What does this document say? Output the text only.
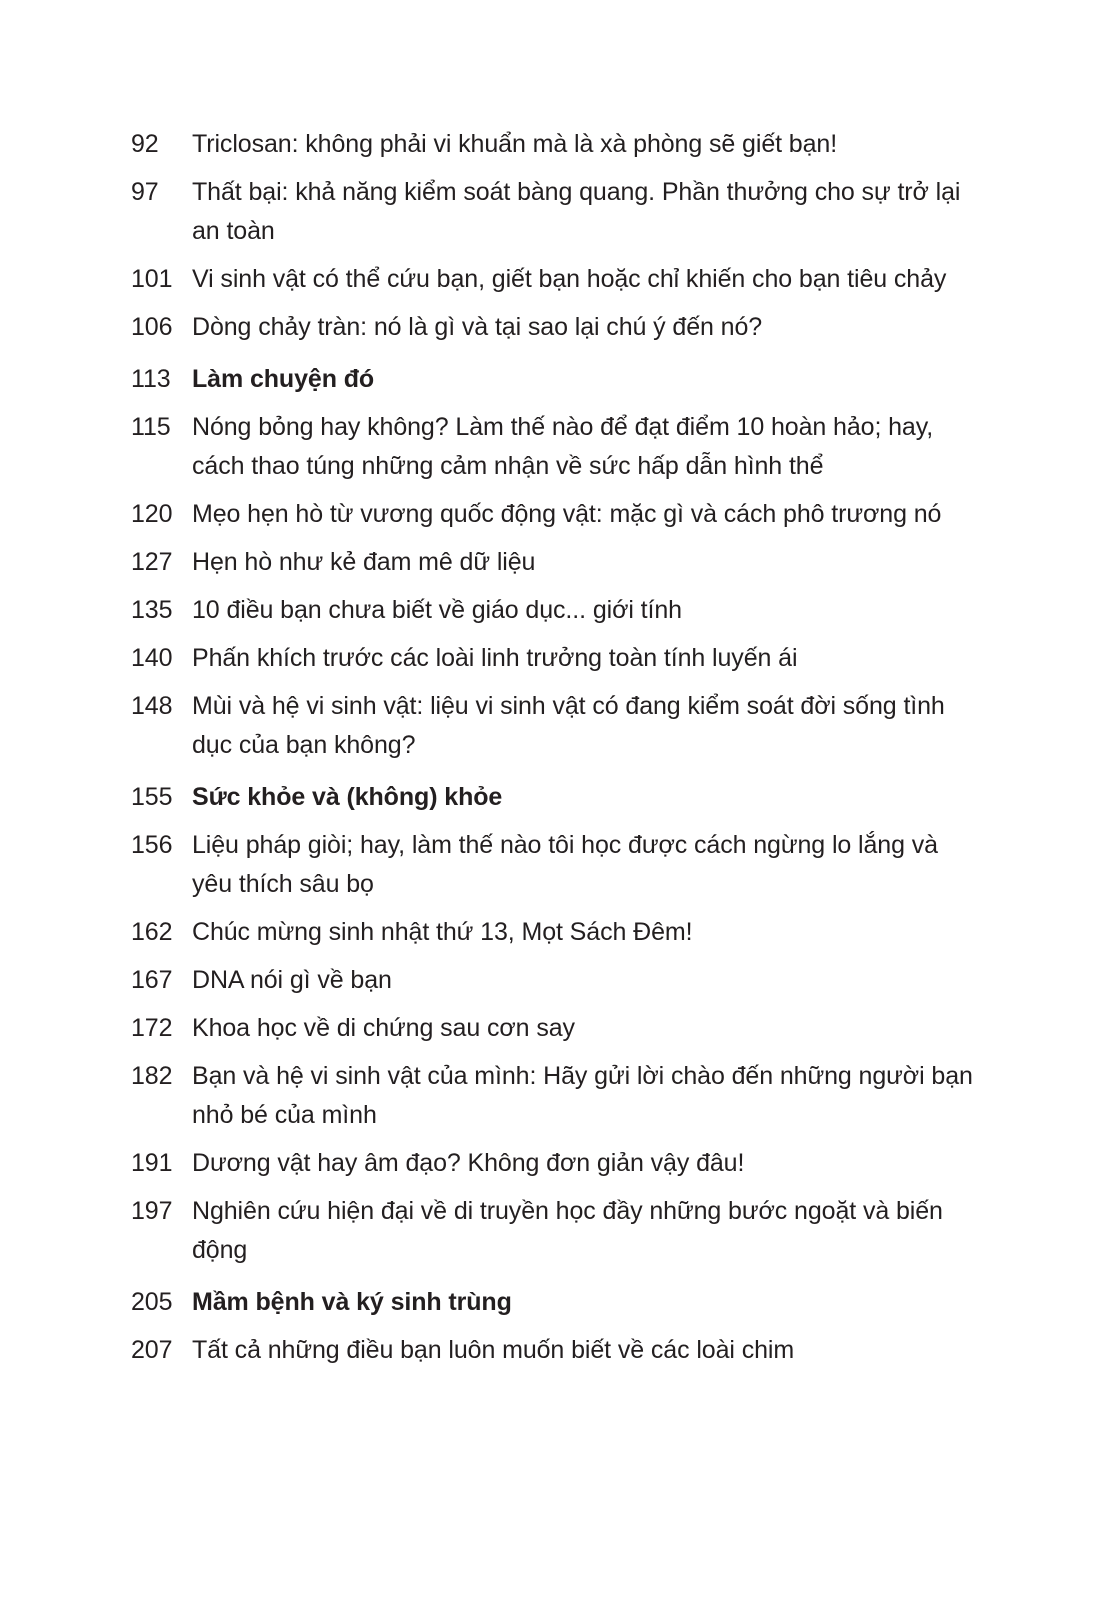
92	Triclosan: không phải vi khuẩn mà là xà phòng sẽ giết bạn!
97	Thất bại: khả năng kiểm soát bàng quang. Phần thưởng cho sự trở lại an toàn
101 Vi sinh vật có thể cứu bạn, giết bạn hoặc chỉ khiến cho bạn tiêu chảy
106 Dòng chảy tràn: nó là gì và tại sao lại chú ý đến nó?
113 Làm chuyện đó
115 Nóng bỏng hay không? Làm thế nào để đạt điểm 10 hoàn hảo; hay, cách thao túng những cảm nhận về sức hấp dẫn hình thể
120 Mẹo hẹn hò từ vương quốc động vật: mặc gì và cách phô trương nó
127 Hẹn hò như kẻ đam mê dữ liệu
135 10 điều bạn chưa biết về giáo dục... giới tính
140 Phấn khích trước các loài linh trưởng toàn tính luyến ái
148 Mùi và hệ vi sinh vật: liệu vi sinh vật có đang kiểm soát đời sống tình dục của bạn không?
155 Sức khỏe và (không) khỏe
156 Liệu pháp giòi; hay, làm thế nào tôi học được cách ngừng lo lắng và yêu thích sâu bọ
162 Chúc mừng sinh nhật thứ 13, Mọt Sách Đêm!
167 DNA nói gì về bạn
172 Khoa học về di chứng sau cơn say
182 Bạn và hệ vi sinh vật của mình: Hãy gửi lời chào đến những người bạn nhỏ bé của mình
191 Dương vật hay âm đạo? Không đơn giản vậy đâu!
197 Nghiên cứu hiện đại về di truyền học đầy những bước ngoặt và biến động
205 Mầm bệnh và ký sinh trùng
207 Tất cả những điều bạn luôn muốn biết về các loài chim
